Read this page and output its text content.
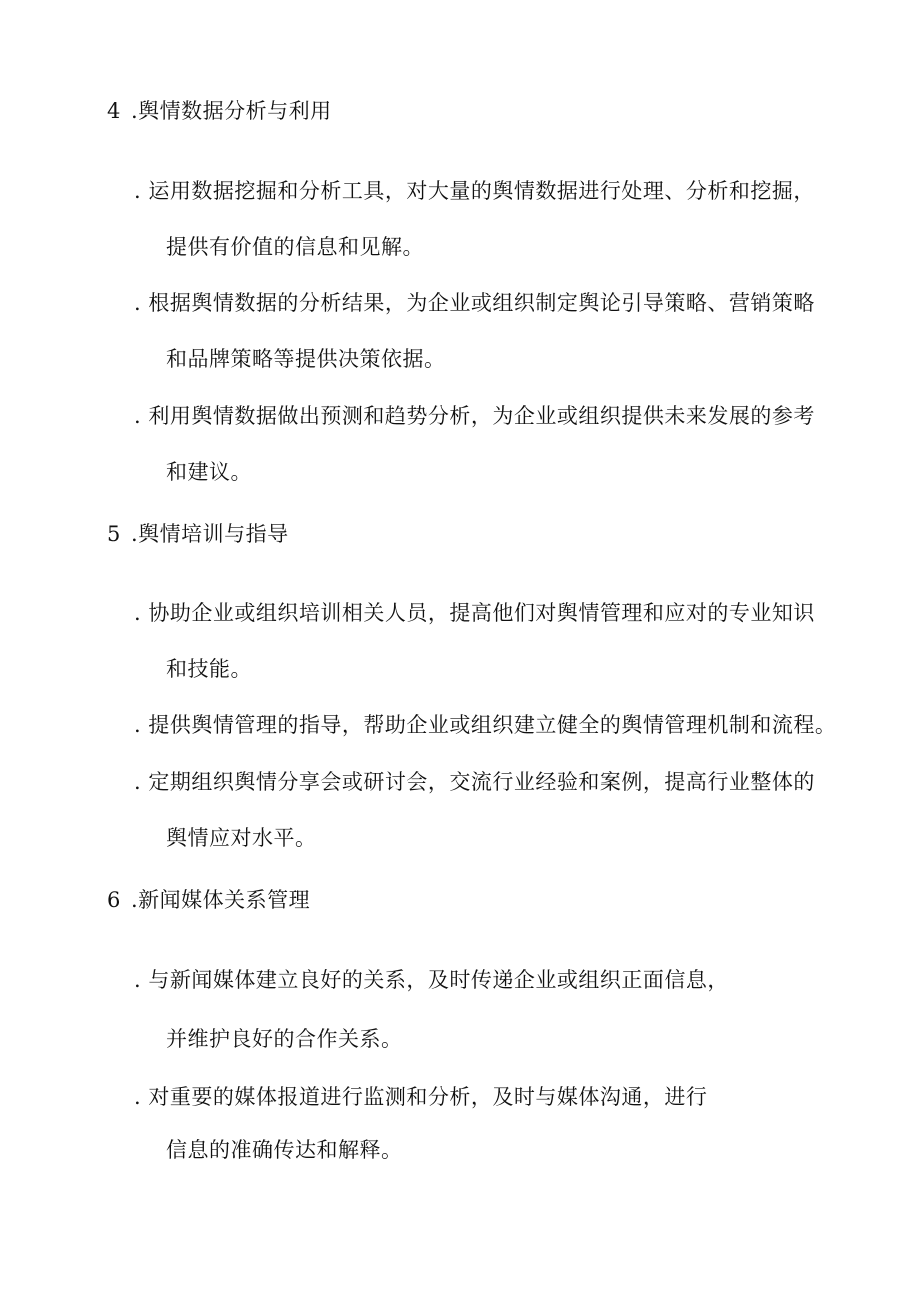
4 .舆情数据分析与利用
. 运用数据挖掘和分析工具，对大量的舆情数据进行处理、分析和挖掘，
提供有价值的信息和见解。
. 根据舆情数据的分析结果，为企业或组织制定舆论引导策略、营销策略
和品牌策略等提供决策依据。
. 利用舆情数据做出预测和趋势分析，为企业或组织提供未来发展的参考
和建议。
5 .舆情培训与指导
. 协助企业或组织培训相关人员，提高他们对舆情管理和应对的专业知识
和技能。
. 提供舆情管理的指导，帮助企业或组织建立健全的舆情管理机制和流程。
. 定期组织舆情分享会或研讨会，交流行业经验和案例，提高行业整体的
舆情应对水平。
6 .新闻媒体关系管理
. 与新闻媒体建立良好的关系，及时传递企业或组织正面信息，
并维护良好的合作关系。
. 对重要的媒体报道进行监测和分析，及时与媒体沟通，进行
信息的准确传达和解释。
